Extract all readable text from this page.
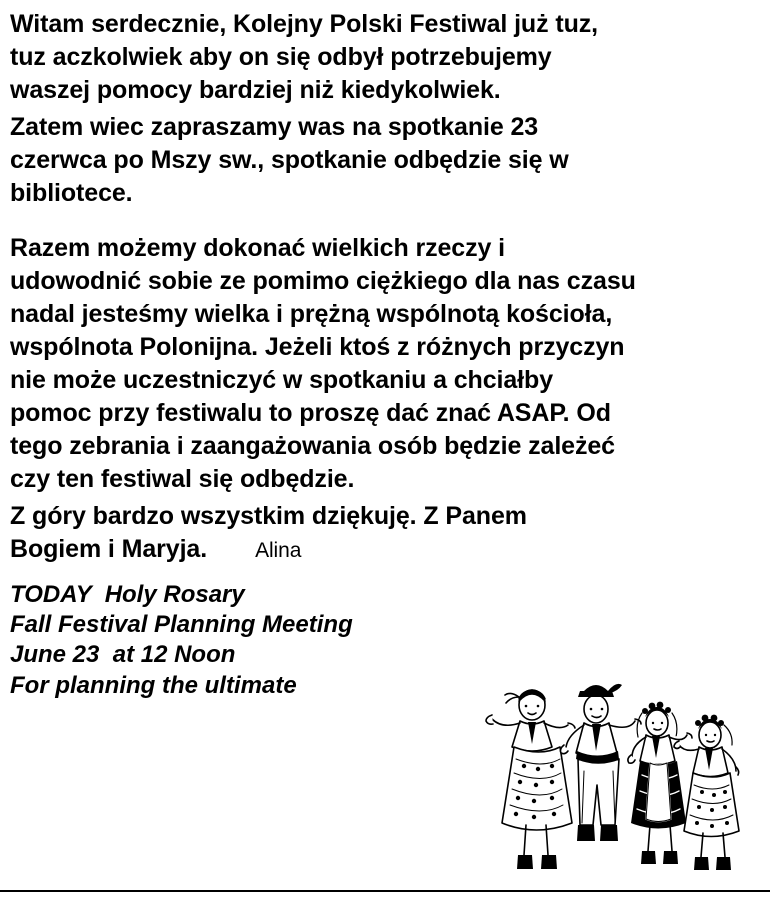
Witam serdecznie, Kolejny Polski Festiwal już tuz,
tuz aczkolwiek aby on się odbył potrzebujemy
waszej pomocy bardziej niż kiedykolwiek.
Zatem wiec zapraszamy was na spotkanie 23
czerwca po Mszy sw., spotkanie odbędzie się w
bibliotece.
Razem możemy dokonać wielkich rzeczy i
udowodnić sobie ze pomimo ciężkiego dla nas czasu
nadal jesteśmy wielka i prężną wspólnotą kościoła,
wspólnota Polonijna. Jeżeli ktoś z różnych przyczyn
nie może uczestniczyć w spotkaniu a chciałby
pomoc przy festiwalu to proszę dać znać ASAP. Od
tego zebrania i zaangażowania osób będzie zależeć
czy ten festiwal się odbędzie.
Z góry bardzo wszystkim dziękuję. Z Panem
Bogiem i Maryja. Alina
TODAY  Holy Rosary
Fall Festival Planning Meeting
June 23  at 12 Noon
For planning the ultimate
